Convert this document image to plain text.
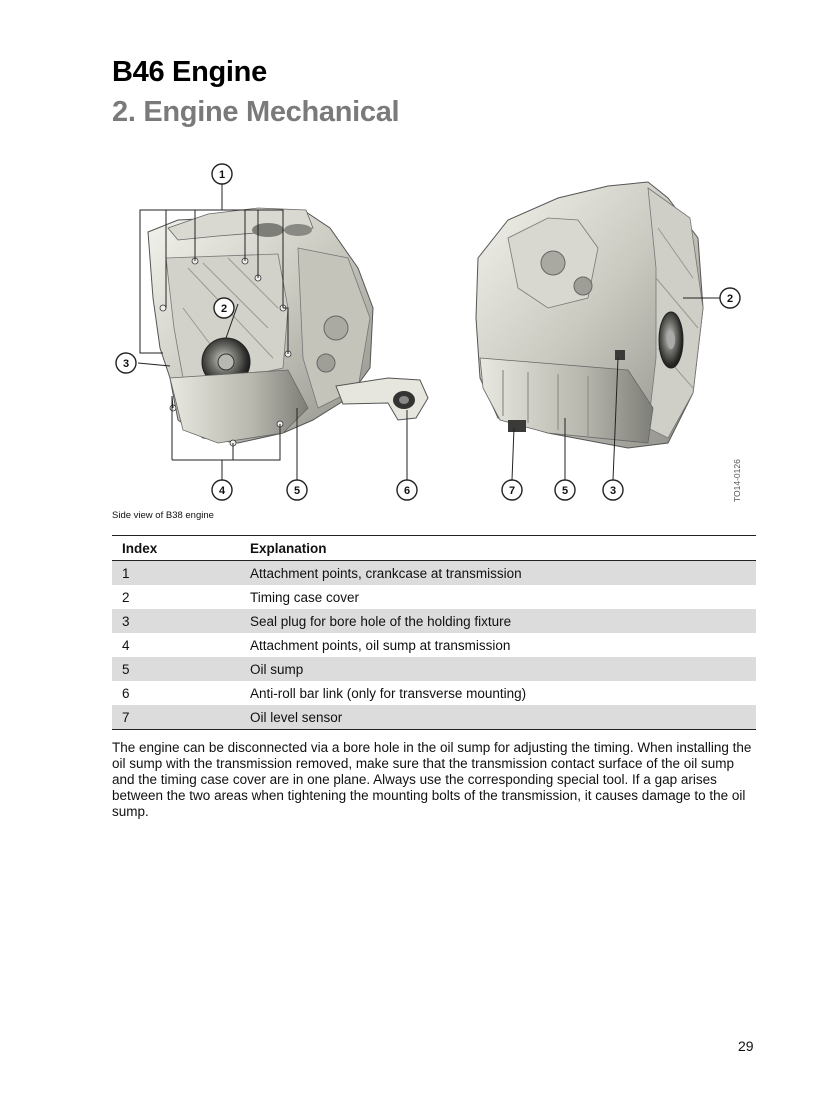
B46 Engine
2. Engine Mechanical
1
2
3
4	5	6
2
7	5	3	TO14-0126
Side view of B38 engine
Index	Explanation
1	Attachment points, crankcase at transmission
2	Timing case cover
3	Seal plug for bore hole of the holding fixture
4	Attachment points, oil sump at transmission
5	Oil sump
6	Anti-roll bar link (only for transverse mounting)
7	Oil level sensor
The engine can be disconnected via a bore hole in the oil sump for adjusting the timing. When installing the oil sump with the transmission removed, make sure that the transmission contact surface of the oil sump and the timing case cover are in one plane. Always use the corresponding special tool. If a gap arises between the two areas when tightening the mounting bolts of the transmission, it causes damage to the oil sump.
29
